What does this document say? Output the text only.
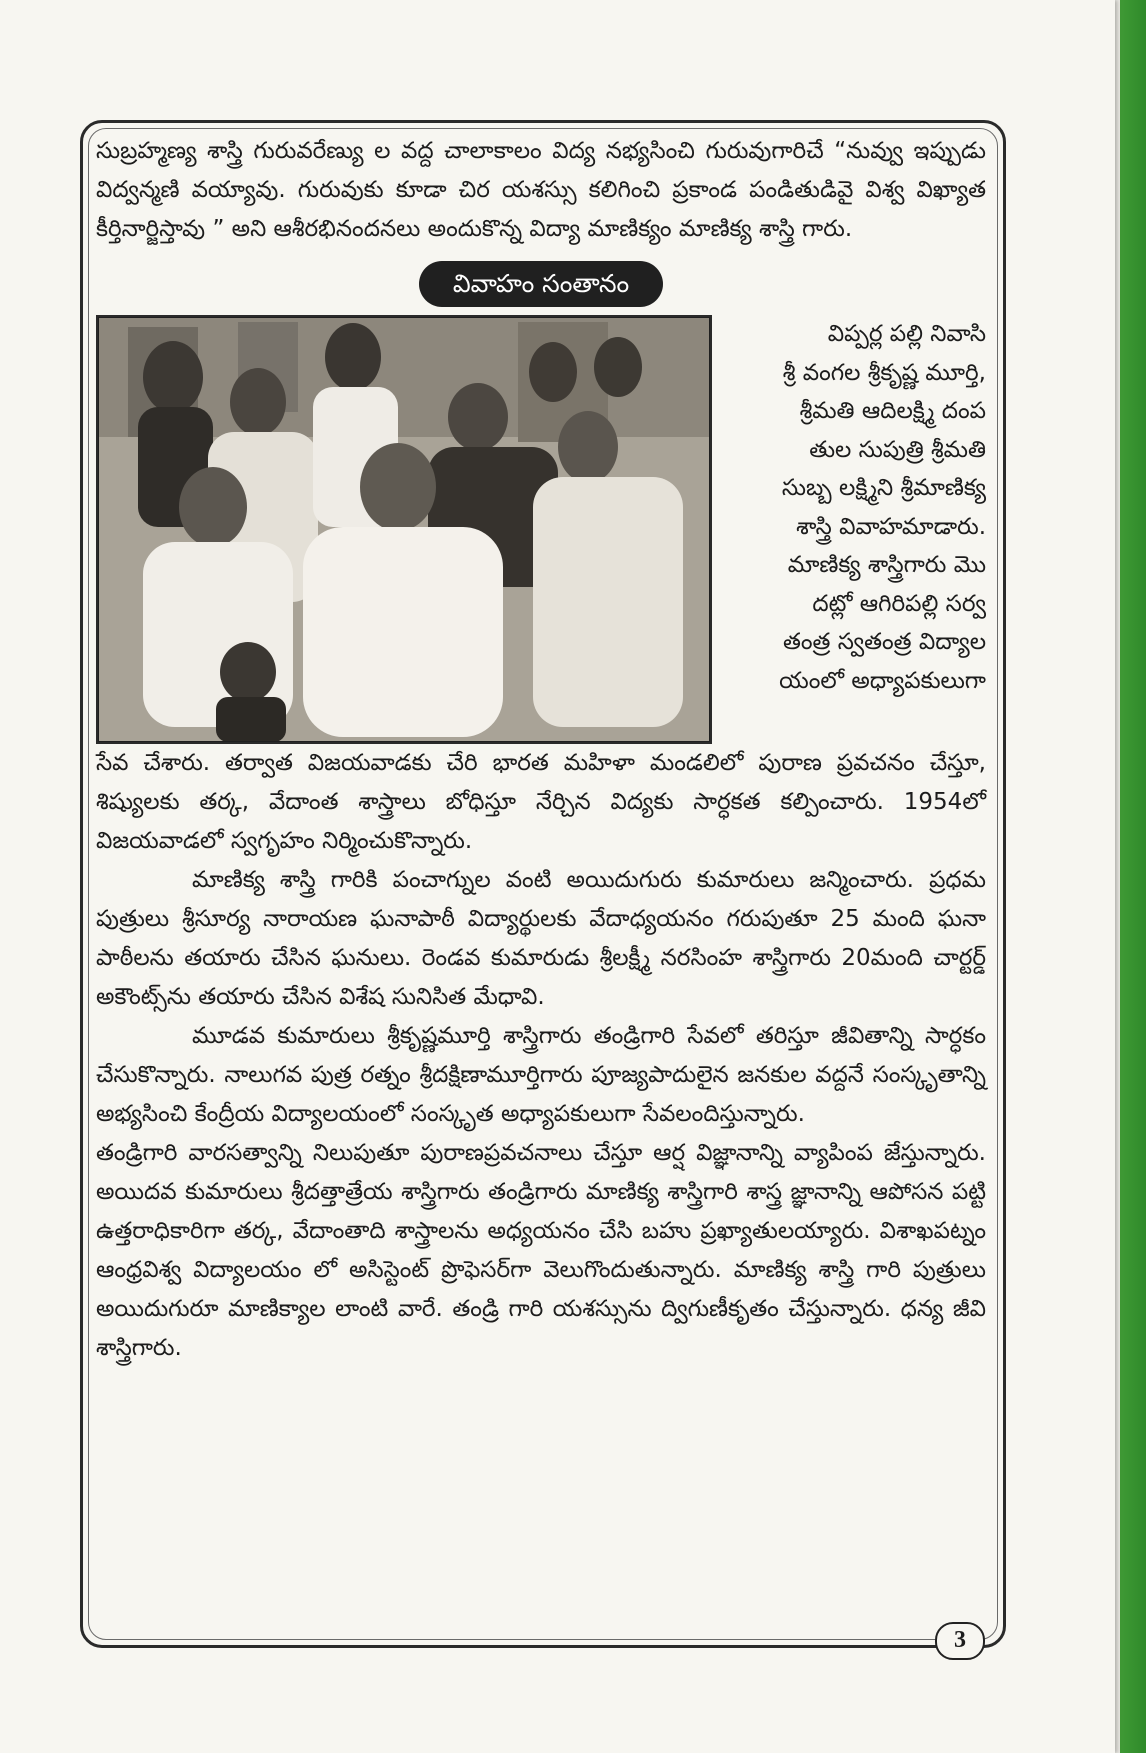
సుబ్రహ్మణ్య శాస్త్రి గురువరేణ్యు ల వద్ద చాలాకాలం విద్య నభ్యసించి గురువుగారిచే “నువ్వు ఇప్పుడు విద్వన్మణి వయ్యావు. గురువుకు కూడా చిర యశస్సు కలిగించి ప్రకాండ పండితుడివై విశ్వ విఖ్యాత కీర్తినార్జిస్తావు ” అని ఆశీరభినందనలు అందుకొన్న విద్యా మాణిక్యం మాణిక్య శాస్త్రి గారు.

వివాహం సంతానం
విప్పర్ల పల్లి నివాసి
శ్రీ వంగల శ్రీకృష్ణ మూర్తి,
శ్రీమతి ఆదిలక్ష్మి దంప
తుల సుపుత్రి శ్రీమతి
సుబ్బ లక్ష్మిని శ్రీమాణిక్య
శాస్త్రి వివాహమాడారు.
మాణిక్య శాస్త్రిగారు మొ
దట్లో ఆగిరిపల్లి సర్వ
తంత్ర స్వతంత్ర విద్యాల
యంలో అధ్యాపకులుగా

సేవ చేశారు. తర్వాత విజయవాడకు చేరి భారత మహిళా మండలిలో పురాణ ప్రవచనం చేస్తూ, శిష్యులకు తర్క, వేదాంత శాస్త్రాలు బోధిస్తూ నేర్చిన విద్యకు సార్ధకత కల్పించారు. 1954లో విజయవాడలో స్వగృహం నిర్మించుకొన్నారు.

మాణిక్య శాస్త్రి గారికి పంచాగ్నుల వంటి అయిదుగురు కుమారులు జన్మించారు. ప్రధమ పుత్రులు శ్రీసూర్య నారాయణ ఘనాపాఠీ విద్యార్థులకు వేదాధ్యయనం గరుపుతూ 25 మంది ఘనా పాఠీలను తయారు చేసిన ఘనులు. రెండవ కుమారుడు శ్రీలక్ష్మీ నరసింహ శాస్త్రిగారు 20మంది చార్టర్డ్ అకౌంట్స్‌ను తయారు చేసిన విశేష సునిసిత మేధావి.

మూడవ కుమారులు శ్రీకృష్ణమూర్తి శాస్త్రిగారు తండ్రిగారి సేవలో తరిస్తూ జీవితాన్ని సార్ధకం చేసుకొన్నారు. నాలుగవ పుత్ర రత్నం శ్రీదక్షిణామూర్తిగారు పూజ్యపాదులైన జనకుల వద్దనే సంస్కృతాన్ని అభ్యసించి కేంద్రీయ విద్యాలయంలో సంస్కృత అధ్యాపకులుగా సేవలందిస్తున్నారు.

తండ్రిగారి వారసత్వాన్ని నిలుపుతూ పురాణప్రవచనాలు చేస్తూ ఆర్ష విజ్ఞానాన్ని వ్యాపింప జేస్తున్నారు. అయిదవ కుమారులు శ్రీదత్తాత్రేయ శాస్త్రిగారు తండ్రిగారు మాణిక్య శాస్త్రిగారి శాస్త్ర జ్ఞానాన్ని ఆపోసన పట్టి ఉత్తరాధికారిగా తర్క, వేదాంతాది శాస్త్రాలను అధ్యయనం చేసి బహు ప్రఖ్యాతులయ్యారు. విశాఖపట్నం ఆంధ్రవిశ్వ విద్యాలయం లో అసిస్టెంట్ ప్రొఫెసర్‌గా వెలుగొందుతున్నారు. మాణిక్య శాస్త్రి గారి పుత్రులు అయిదుగురూ మాణిక్యాల లాంటి వారే. తండ్రి గారి యశస్సును ద్విగుణీకృతం చేస్తున్నారు. ధన్య జీవి శాస్త్రిగారు.

3
